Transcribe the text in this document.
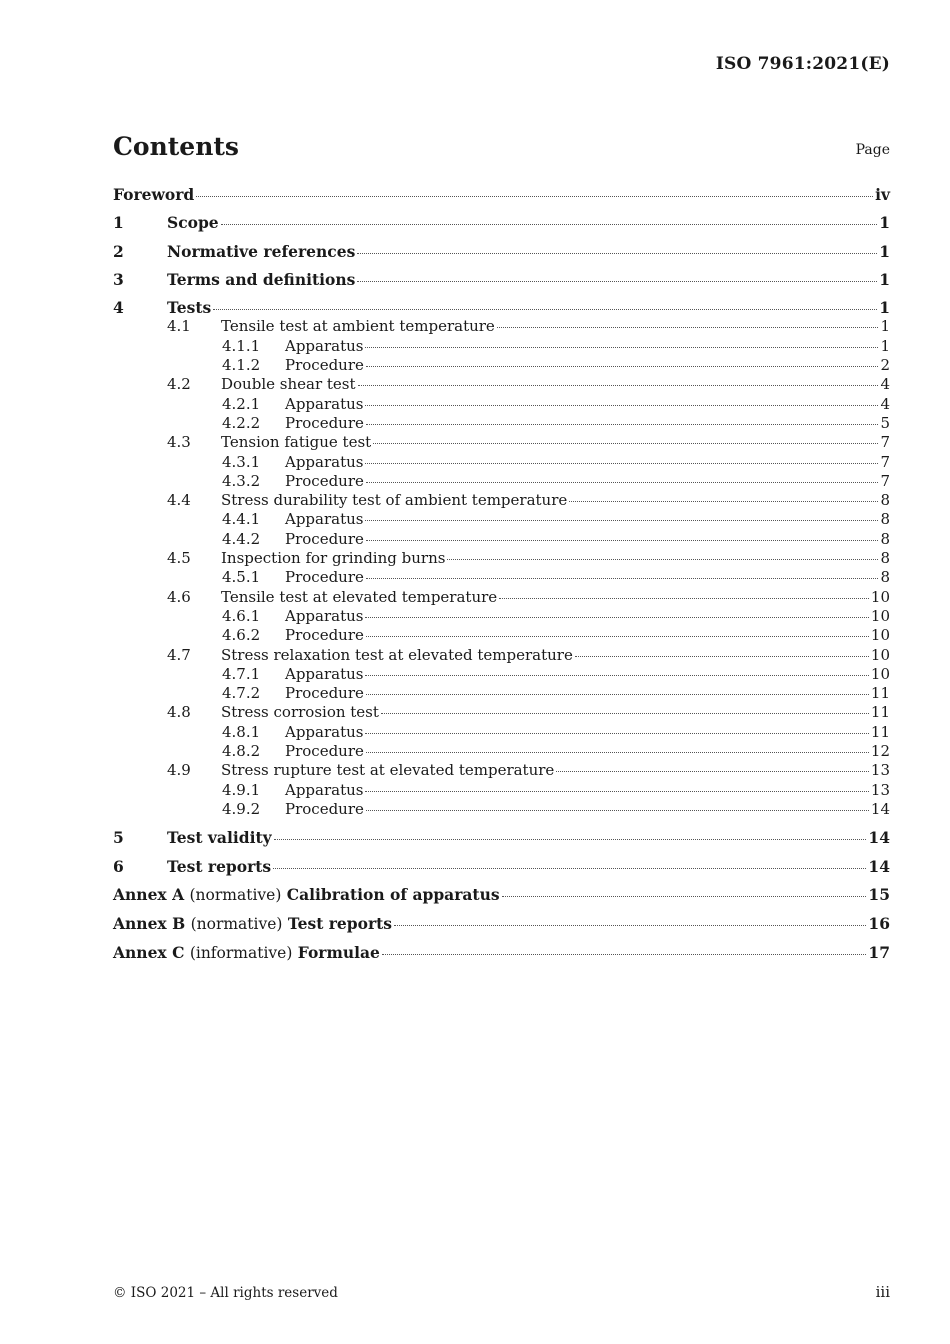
ISO 7961:2021(E)
Contents	Page
Foreword	iv
1	Scope	1
2	Normative references	1
3	Terms and definitions	1
4	Tests	1
4.1	Tensile test at ambient temperature	1
4.1.1	Apparatus	1
4.1.2	Procedure	2
4.2	Double shear test	4
4.2.1	Apparatus	4
4.2.2	Procedure	5
4.3	Tension fatigue test	7
4.3.1	Apparatus	7
4.3.2	Procedure	7
4.4	Stress durability test of ambient temperature	8
4.4.1	Apparatus	8
4.4.2	Procedure	8
4.5	Inspection for grinding burns	8
4.5.1	Procedure	8
4.6	Tensile test at elevated temperature	10
4.6.1	Apparatus	10
4.6.2	Procedure	10
4.7	Stress relaxation test at elevated temperature	10
4.7.1	Apparatus	10
4.7.2	Procedure	11
4.8	Stress corrosion test	11
4.8.1	Apparatus	11
4.8.2	Procedure	12
4.9	Stress rupture test at elevated temperature	13
4.9.1	Apparatus	13
4.9.2	Procedure	14
5	Test validity	14
6	Test reports	14
Annex A (normative) Calibration of apparatus	15
Annex B (normative) Test reports	16
Annex C (informative) Formulae	17
© ISO 2021 – All rights reserved	iii
